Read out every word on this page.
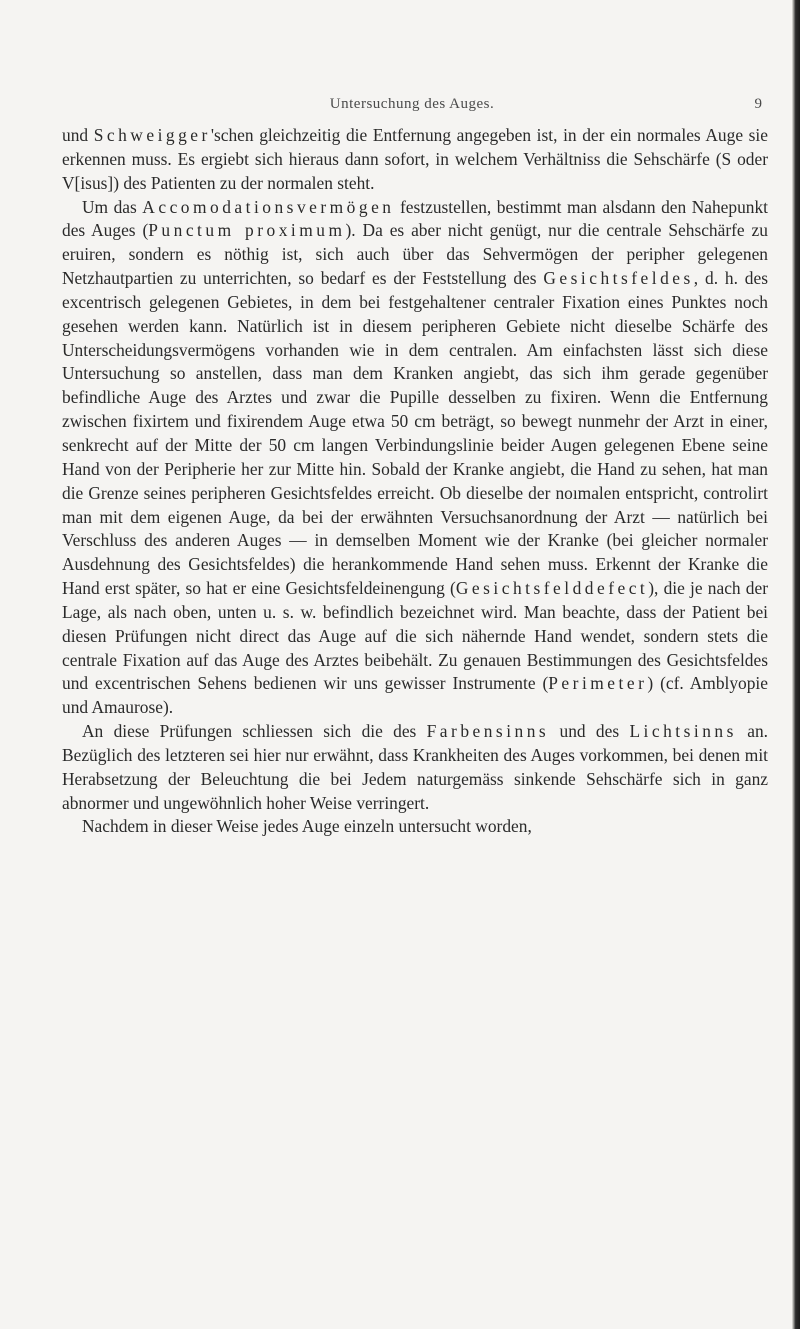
Untersuchung des Auges.	9

und Schweigger'schen gleichzeitig die Entfernung angegeben ist, in der ein normales Auge sie erkennen muss. Es ergiebt sich hieraus dann sofort, in welchem Verhältniss die Sehschärfe (S oder V[isus]) des Patienten zu der normalen steht.

Um das Accomodationsvermögen festzustellen, bestimmt man alsdann den Nahepunkt des Auges (Punctum proximum). Da es aber nicht genügt, nur die centrale Sehschärfe zu eruiren, sondern es nöthig ist, sich auch über das Sehvermögen der peripher gelegenen Netzhautpartien zu unterrichten, so bedarf es der Feststellung des Gesichtsfeldes, d. h. des excentrisch gelegenen Gebietes, in dem bei festgehaltener centraler Fixation eines Punktes noch gesehen werden kann. Natürlich ist in diesem peripheren Gebiete nicht dieselbe Schärfe des Unterscheidungsvermögens vorhanden wie in dem centralen. Am einfachsten lässt sich diese Untersuchung so anstellen, dass man dem Kranken angiebt, das sich ihm gerade gegenüber befindliche Auge des Arztes und zwar die Pupille desselben zu fixiren. Wenn die Entfernung zwischen fixirtem und fixirendem Auge etwa 50 cm beträgt, so bewegt nunmehr der Arzt in einer, senkrecht auf der Mitte der 50 cm langen Verbindungslinie beider Augen gelegenen Ebene seine Hand von der Peripherie her zur Mitte hin. Sobald der Kranke angiebt, die Hand zu sehen, hat man die Grenze seines peripheren Gesichtsfeldes erreicht. Ob dieselbe der noımalen entspricht, controlirt man mit dem eigenen Auge, da bei der erwähnten Versuchsanordnung der Arzt — natürlich bei Verschluss des anderen Auges — in demselben Moment wie der Kranke (bei gleicher normaler Ausdehnung des Gesichtsfeldes) die herankommende Hand sehen muss. Erkennt der Kranke die Hand erst später, so hat er eine Gesichtsfeldeinengung (Gesichtsfelddefect), die je nach der Lage, als nach oben, unten u. s. w. befindlich bezeichnet wird. Man beachte, dass der Patient bei diesen Prüfungen nicht direct das Auge auf die sich nähernde Hand wendet, sondern stets die centrale Fixation auf das Auge des Arztes beibehält. Zu genauen Bestimmungen des Gesichtsfeldes und excentrischen Sehens bedienen wir uns gewisser Instrumente (Perimeter) (cf. Amblyopie und Amaurose).

An diese Prüfungen schliessen sich die des Farbensinns und des Lichtsinns an. Bezüglich des letzteren sei hier nur erwähnt, dass Krankheiten des Auges vorkommen, bei denen mit Herabsetzung der Beleuchtung die bei Jedem naturgemäss sinkende Sehschärfe sich in ganz abnormer und ungewöhnlich hoher Weise verringert.

Nachdem in dieser Weise jedes Auge einzeln untersucht worden,
